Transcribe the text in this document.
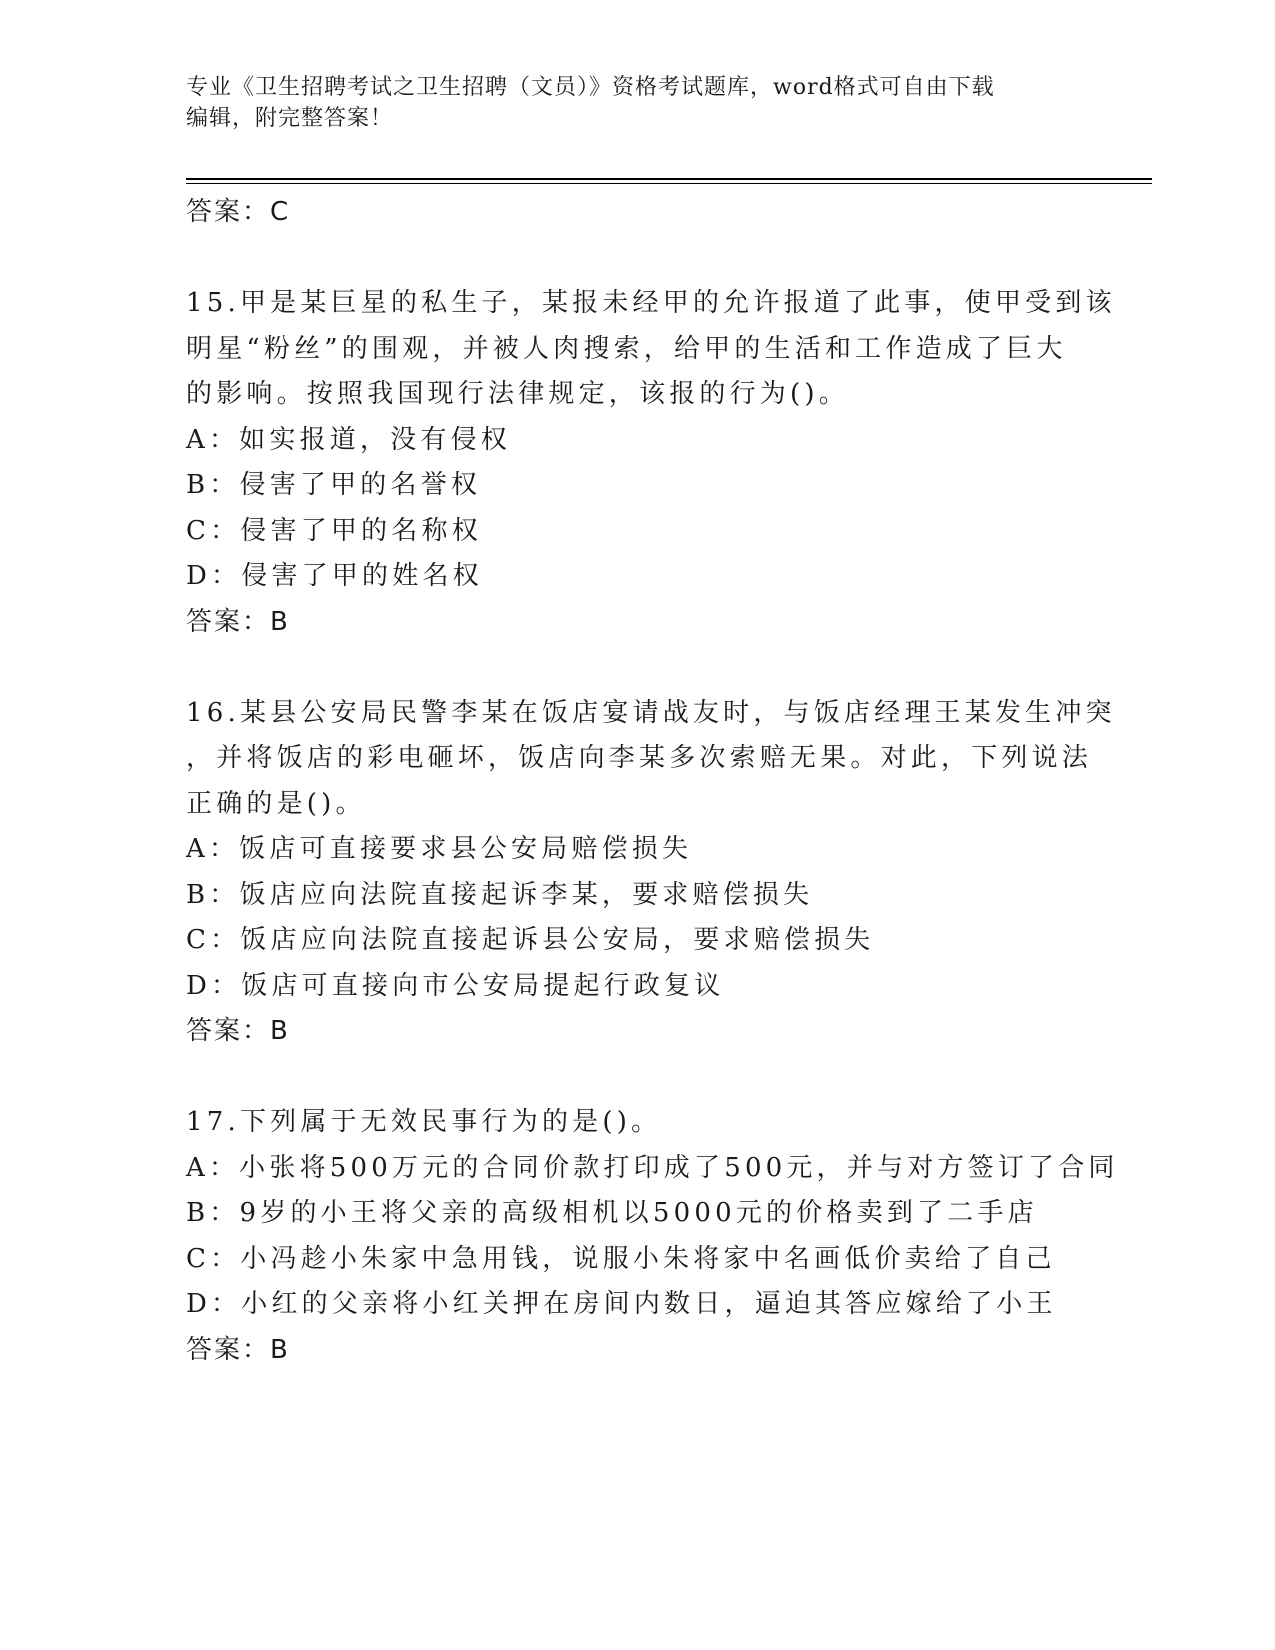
专业《卫生招聘考试之卫生招聘（文员）》资格考试题库，word格式可自由下载
编辑，附完整答案！
答案：C
15.甲是某巨星的私生子，某报未经甲的允许报道了此事，使甲受到该
明星“粉丝”的围观，并被人肉搜索，给甲的生活和工作造成了巨大
的影响。按照我国现行法律规定，该报的行为()。
A：如实报道，没有侵权
B：侵害了甲的名誉权
C：侵害了甲的名称权
D：侵害了甲的姓名权
答案：B
16.某县公安局民警李某在饭店宴请战友时，与饭店经理王某发生冲突
，并将饭店的彩电砸坏，饭店向李某多次索赔无果。对此，下列说法
正确的是()。
A：饭店可直接要求县公安局赔偿损失
B：饭店应向法院直接起诉李某，要求赔偿损失
C：饭店应向法院直接起诉县公安局，要求赔偿损失
D：饭店可直接向市公安局提起行政复议
答案：B
17.下列属于无效民事行为的是()。
A：小张将500万元的合同价款打印成了500元，并与对方签订了合同
B：9岁的小王将父亲的高级相机以5000元的价格卖到了二手店
C：小冯趁小朱家中急用钱，说服小朱将家中名画低价卖给了自己
D：小红的父亲将小红关押在房间内数日，逼迫其答应嫁给了小王
答案：B
